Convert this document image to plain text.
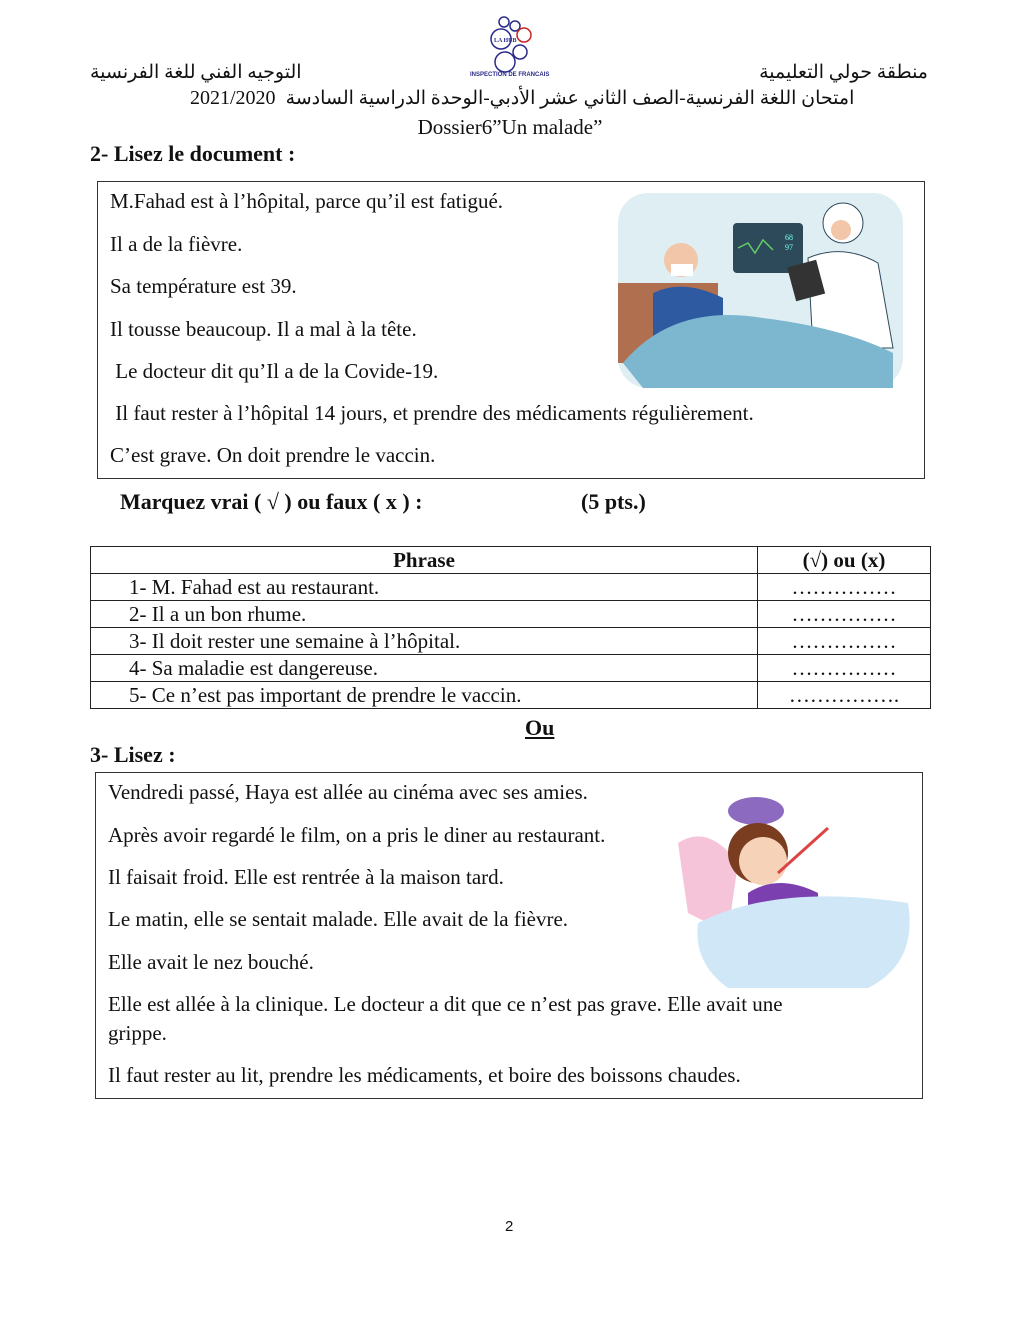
LA HUB
INSPECTION DE FRANCAIS
التوجيه الفني للغة الفرنسية	منطقة حولي التعليمية
2021/2020 امتحان اللغة الفرنسية-الصف الثاني عشر الأدبي-الوحدة الدراسية السادسة
Dossier6”Un malade”
2- Lisez le document :
M.Fahad est à l’hôpital, parce qu’il est fatigué.
Il a de la fièvre.
Sa température est 39.
Il tousse beaucoup. Il a mal à la tête.
Le docteur dit qu’Il a de la Covide-19.
Il faut rester à l’hôpital 14 jours, et prendre des médicaments régulièrement.
C’est grave. On doit prendre le vaccin.
68
97
Marquez vrai ( √ ) ou faux ( x ) :	(5 pts.)
Phrase	(√) ou (x)
1- M. Fahad est au restaurant.	……………
2- Il a un bon rhume.	……………
3- Il doit rester une semaine à l’hôpital.	……………
4- Sa maladie est dangereuse.	……………
5- Ce n’est pas important de prendre le vaccin.	…………….
Ou
3- Lisez :
Vendredi passé, Haya est allée au cinéma avec ses amies.
Après avoir regardé le film, on a pris le diner au restaurant.
Il faisait froid. Elle est rentrée à la maison tard.
Le matin, elle se sentait malade. Elle avait de la fièvre.
Elle avait le nez bouché.
Elle est allée à la clinique. Le docteur a dit que ce n’est pas grave. Elle avait une
grippe.
Il faut rester au lit, prendre les médicaments, et boire des boissons chaudes.
2
